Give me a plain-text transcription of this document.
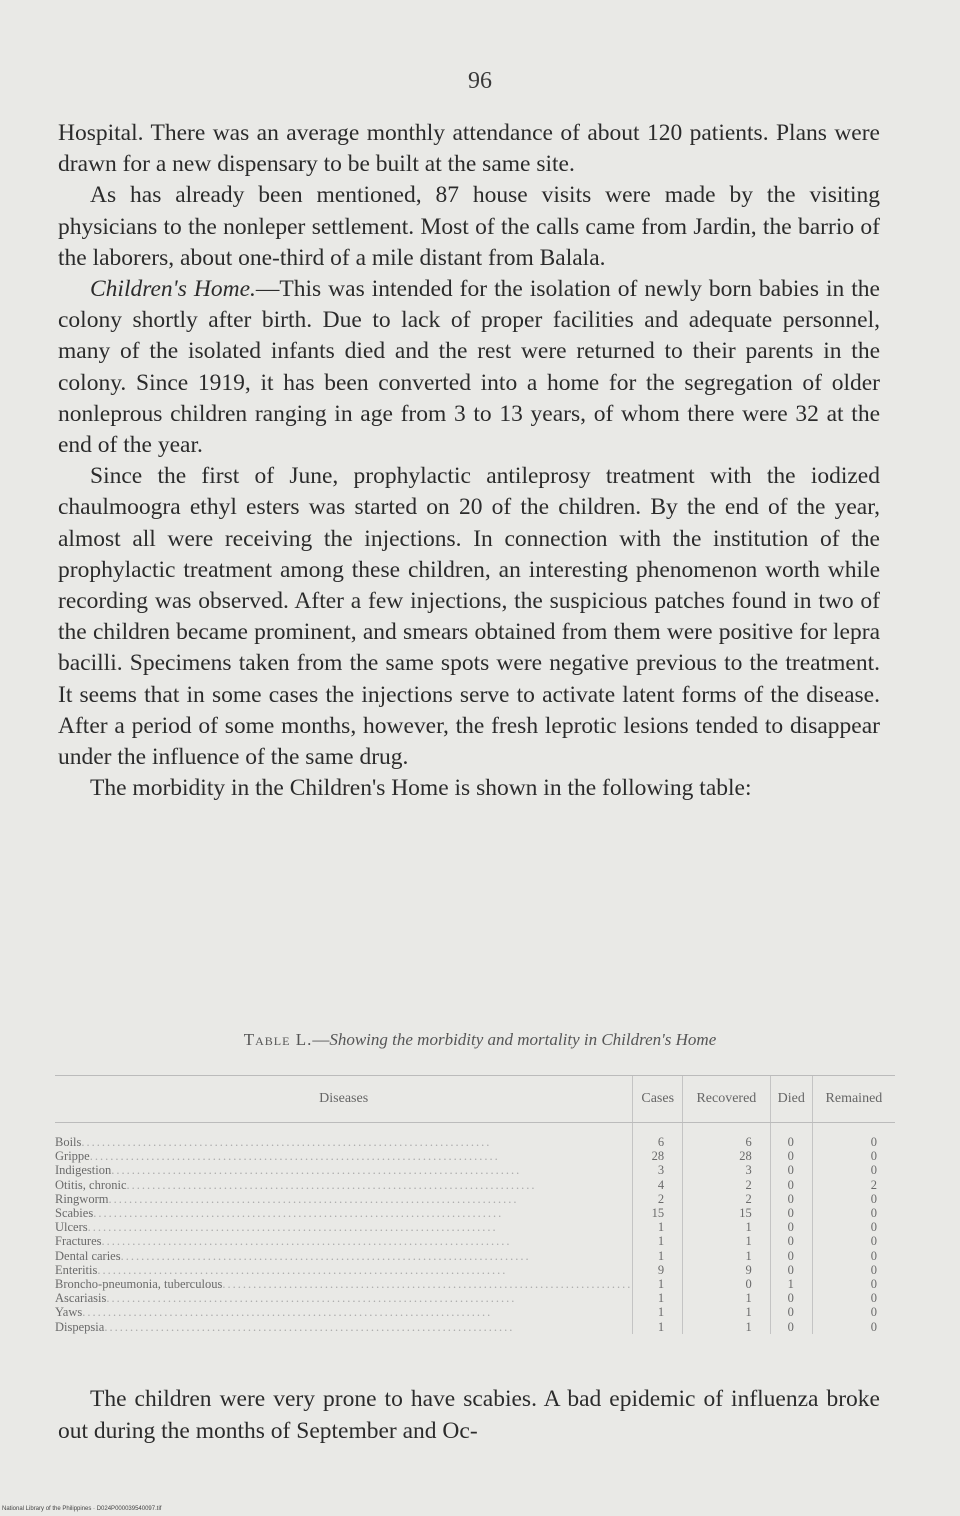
96

Hospital. There was an average monthly attendance of about 120 patients. Plans were drawn for a new dispensary to be built at the same site.

As has already been mentioned, 87 house visits were made by the visiting physicians to the nonleper settlement. Most of the calls came from Jardin, the barrio of the laborers, about one-third of a mile distant from Balala.

Children's Home.—This was intended for the isolation of newly born babies in the colony shortly after birth. Due to lack of proper facilities and adequate personnel, many of the isolated infants died and the rest were returned to their parents in the colony. Since 1919, it has been converted into a home for the segregation of older nonleprous children ranging in age from 3 to 13 years, of whom there were 32 at the end of the year.

Since the first of June, prophylactic antileprosy treatment with the iodized chaulmoogra ethyl esters was started on 20 of the children. By the end of the year, almost all were receiving the injections. In connection with the institution of the prophylactic treatment among these children, an interesting phenomenon worth while recording was observed. After a few injections, the suspicious patches found in two of the children became prominent, and smears obtained from them were positive for lepra bacilli. Specimens taken from the same spots were negative previous to the treatment. It seems that in some cases the injections serve to activate latent forms of the disease. After a period of some months, however, the fresh leprotic lesions tended to disappear under the influence of the same drug.

The morbidity in the Children's Home is shown in the following table:

Table L.—Showing the morbidity and mortality in Children's Home
Diseases	Cases	Recovered	Died	Remained
Boils................................................................................	6	6	0	0
Grippe................................................................................	28	28	0	0
Indigestion................................................................................	3	3	0	0
Otitis, chronic................................................................................	4	2	0	2
Ringworm................................................................................	2	2	0	0
Scabies................................................................................	15	15	0	0
Ulcers................................................................................	1	1	0	0
Fractures................................................................................	1	1	0	0
Dental caries................................................................................	1	1	0	0
Enteritis................................................................................	9	9	0	0
Broncho-pneumonia, tuberculous................................................................................	1	0	1	0
Ascariasis................................................................................	1	1	0	0
Yaws................................................................................	1	1	0	0
Dispepsia................................................................................	1	1	0	0

The children were very prone to have scabies. A bad epidemic of influenza broke out during the months of September and Oc-

National Library of the Philippines · D024P000039540097.tif
